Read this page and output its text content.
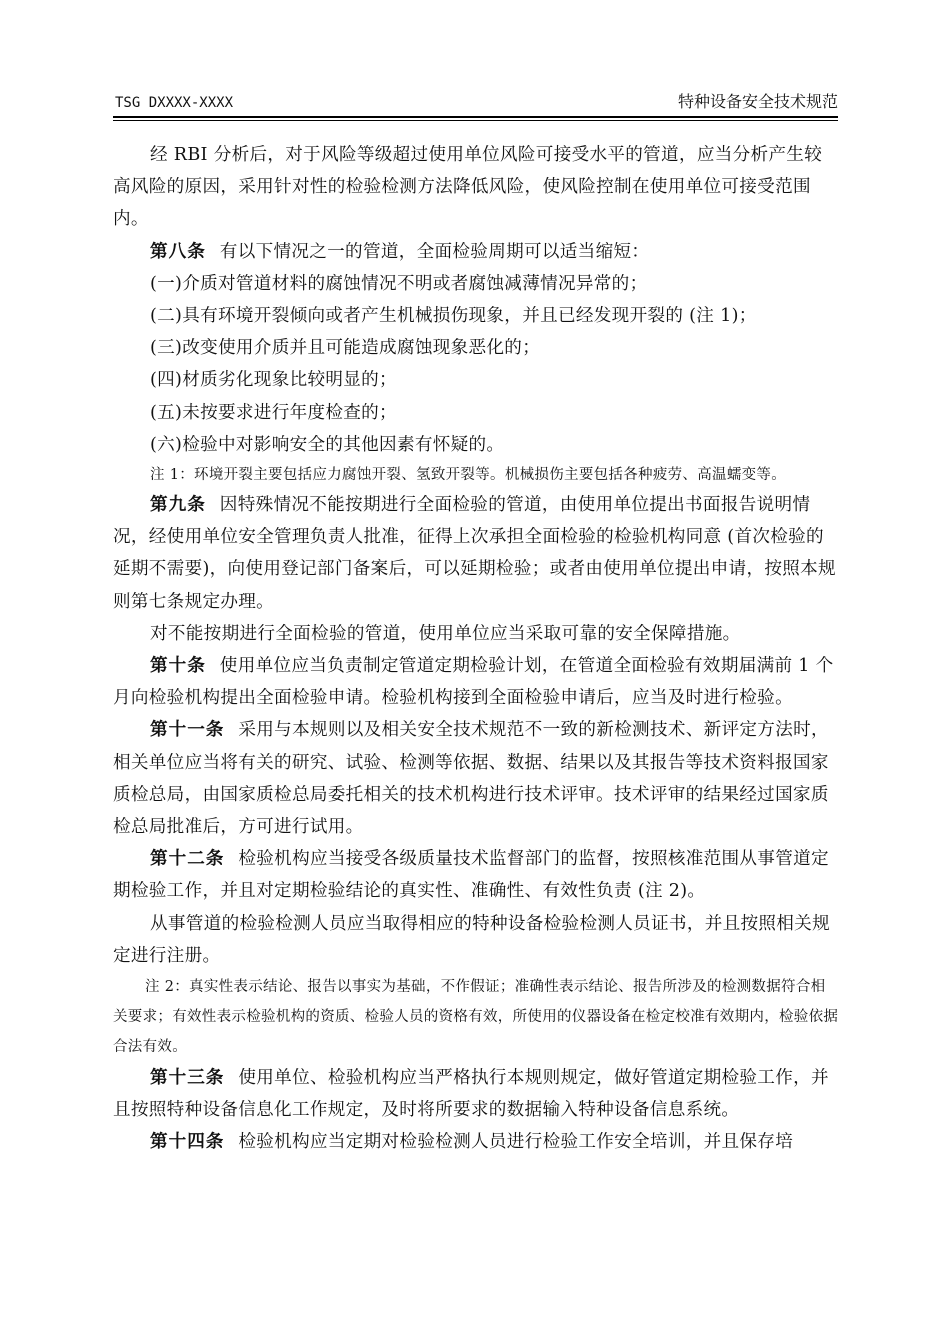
TSG DXXXX-XXXX	特种设备安全技术规范

经 RBI 分析后，对于风险等级超过使用单位风险可接受水平的管道，应当分析产生较高风险的原因，采用针对性的检验检测方法降低风险，使风险控制在使用单位可接受范围内。

第八条 有以下情况之一的管道，全面检验周期可以适当缩短：

(一)介质对管道材料的腐蚀情况不明或者腐蚀减薄情况异常的；

(二)具有环境开裂倾向或者产生机械损伤现象，并且已经发现开裂的 (注 1)；

(三)改变使用介质并且可能造成腐蚀现象恶化的；

(四)材质劣化现象比较明显的；

(五)未按要求进行年度检查的；

(六)检验中对影响安全的其他因素有怀疑的。

注 1：环境开裂主要包括应力腐蚀开裂、氢致开裂等。机械损伤主要包括各种疲劳、高温蠕变等。

第九条 因特殊情况不能按期进行全面检验的管道，由使用单位提出书面报告说明情况，经使用单位安全管理负责人批准，征得上次承担全面检验的检验机构同意 (首次检验的延期不需要)，向使用登记部门备案后，可以延期检验；或者由使用单位提出申请，按照本规则第七条规定办理。

对不能按期进行全面检验的管道，使用单位应当采取可靠的安全保障措施。

第十条 使用单位应当负责制定管道定期检验计划，在管道全面检验有效期届满前 1 个月向检验机构提出全面检验申请。检验机构接到全面检验申请后，应当及时进行检验。

第十一条 采用与本规则以及相关安全技术规范不一致的新检测技术、新评定方法时，相关单位应当将有关的研究、试验、检测等依据、数据、结果以及其报告等技术资料报国家质检总局，由国家质检总局委托相关的技术机构进行技术评审。技术评审的结果经过国家质检总局批准后，方可进行试用。

第十二条 检验机构应当接受各级质量技术监督部门的监督，按照核准范围从事管道定期检验工作，并且对定期检验结论的真实性、准确性、有效性负责 (注 2)。

从事管道的检验检测人员应当取得相应的特种设备检验检测人员证书，并且按照相关规定进行注册。

注 2：真实性表示结论、报告以事实为基础，不作假证；准确性表示结论、报告所涉及的检测数据符合相关要求；有效性表示检验机构的资质、检验人员的资格有效，所使用的仪器设备在检定校准有效期内，检验依据合法有效。

第十三条 使用单位、检验机构应当严格执行本规则规定，做好管道定期检验工作，并且按照特种设备信息化工作规定，及时将所要求的数据输入特种设备信息系统。

第十四条 检验机构应当定期对检验检测人员进行检验工作安全培训，并且保存培
